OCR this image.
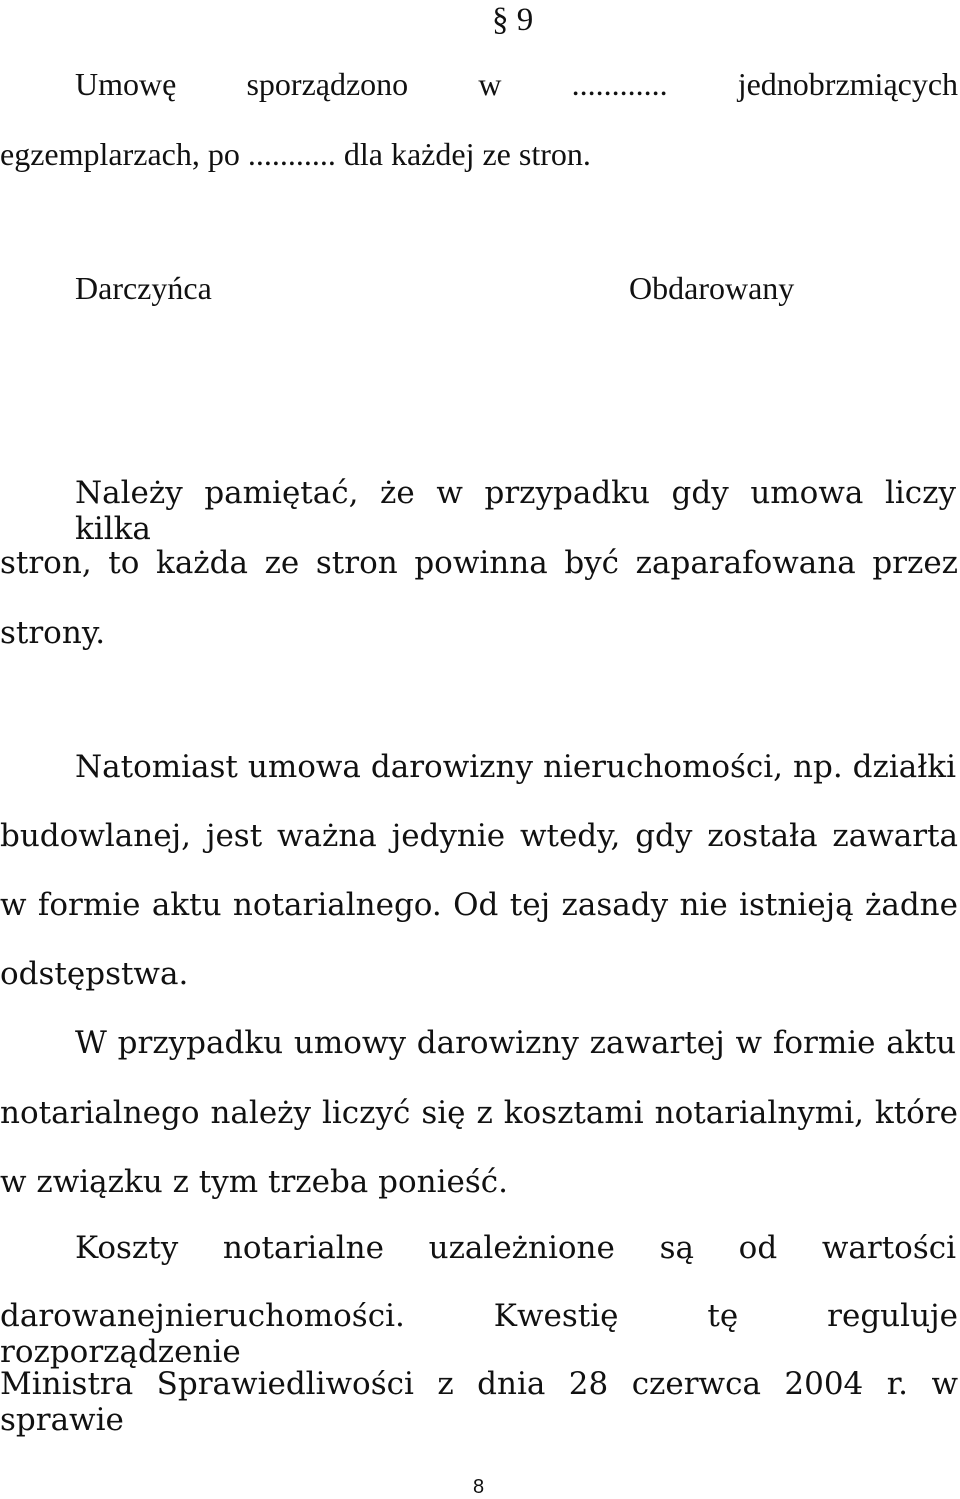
§ 9
Umowę sporządzono w ............ jednobrzmiących
egzemplarzach, po ........... dla każdej ze stron.
Darczyńca	Obdarowany
Należy pamiętać, że w przypadku gdy umowa liczy kilka
stron, to każda ze stron powinna być zaparafowana przez
strony.
Natomiast umowa darowizny nieruchomości, np. działki
budowlanej, jest ważna jedynie wtedy, gdy została zawarta
w formie aktu notarialnego. Od tej zasady nie istnieją żadne
odstępstwa.
W przypadku umowy darowizny zawartej w formie aktu
notarialnego należy liczyć się z kosztami notarialnymi, które
w związku z tym trzeba ponieść.
Koszty notarialne uzależnione są od wartości
darowanejnieruchomości. Kwestię tę reguluje rozporządzenie
Ministra Sprawiedliwości z dnia 28 czerwca 2004 r. w sprawie
8
